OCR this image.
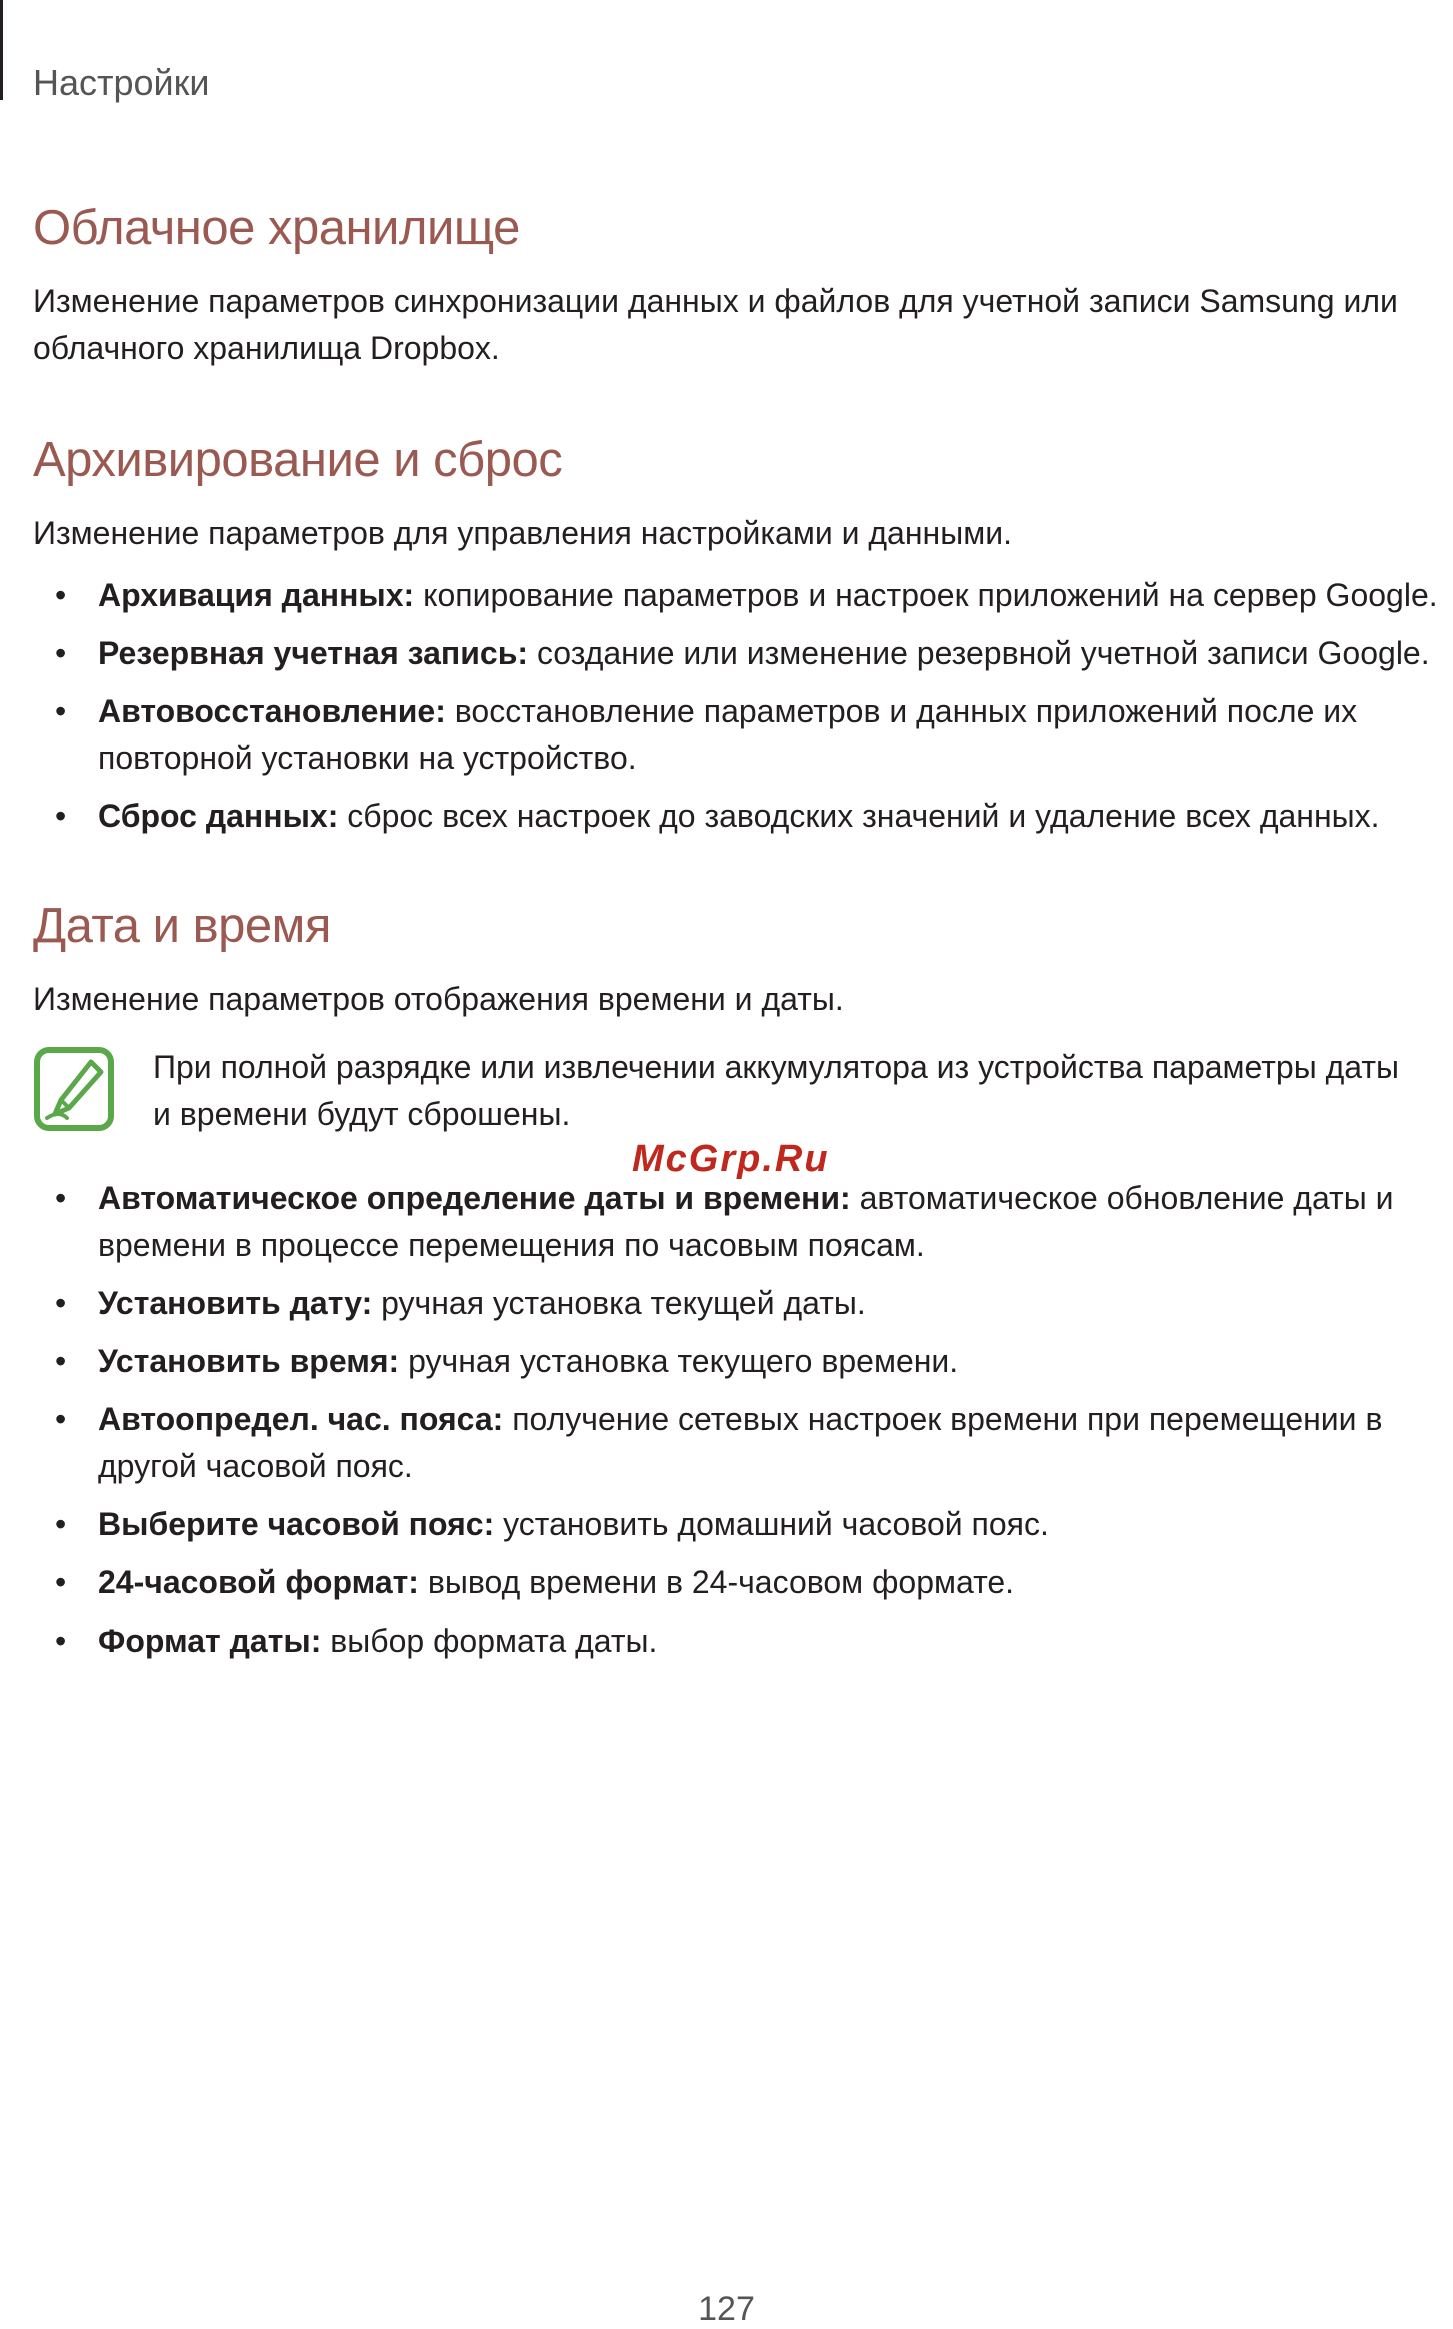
Настройки
Облачное хранилище

Изменение параметров синхронизации данных и файлов для учетной записи Samsung или облачного хранилища Dropbox.

Архивирование и сброс

Изменение параметров для управления настройками и данными.

• Архивация данных: копирование параметров и настроек приложений на сервер Google.
• Резервная учетная запись: создание или изменение резервной учетной записи Google.
• Автовосстановление: восстановление параметров и данных приложений после их повторной установки на устройство.
• Сброс данных: сброс всех настроек до заводских значений и удаление всех данных.
Дата и время

Изменение параметров отображения времени и даты.

При полной разрядке или извлечении аккумулятора из устройства параметры даты и времени будут сброшены.
• Автоматическое определение даты и времени: автоматическое обновление даты и времени в процессе перемещения по часовым поясам.
• Установить дату: ручная установка текущей даты.
• Установить время: ручная установка текущего времени.
• Автоопредел. час. пояса: получение сетевых настроек времени при перемещении в другой часовой пояс.
• Выберите часовой пояс: установить домашний часовой пояс.
• 24-часовой формат: вывод времени в 24-часовом формате.
• Формат даты: выбор формата даты.
McGrp.Ru
127
